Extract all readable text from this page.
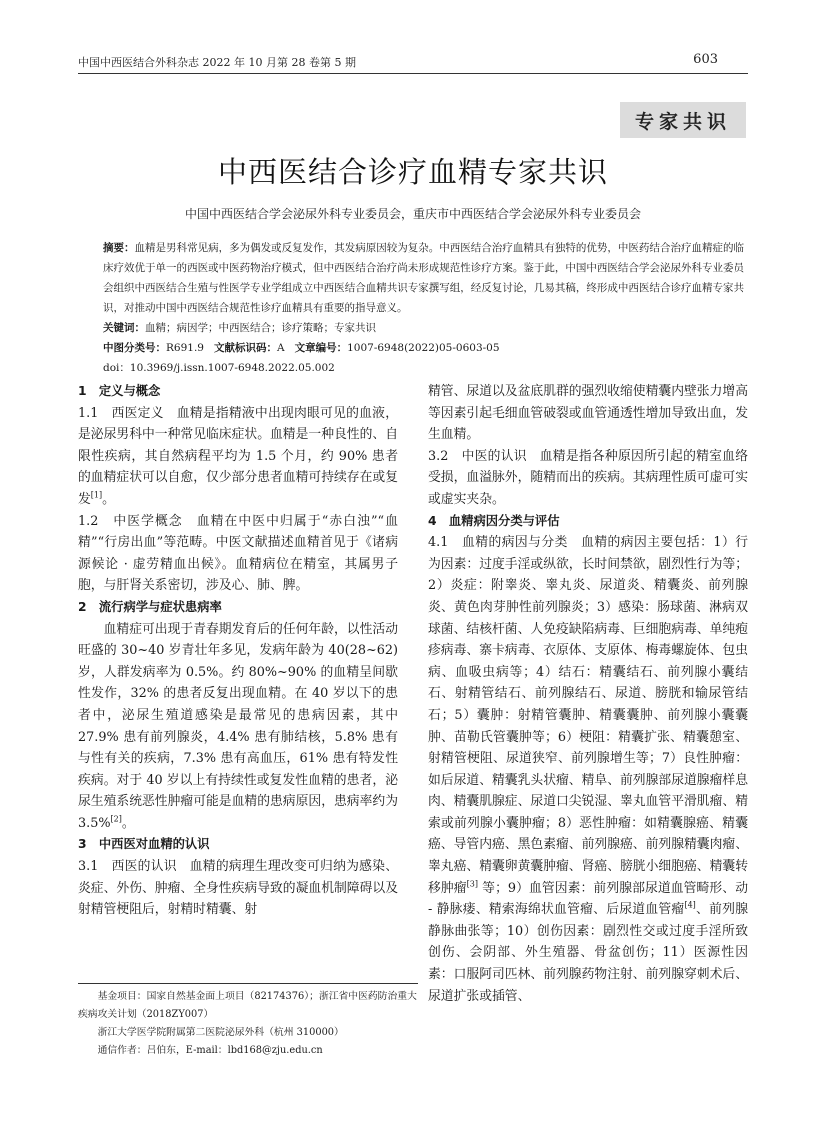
中国中西医结合外科杂志 2022 年 10 月第 28 卷第 5 期	603
专家共识
中西医结合诊疗血精专家共识
中国中西医结合学会泌尿外科专业委员会，重庆市中西医结合学会泌尿外科专业委员会

摘要：血精是男科常见病，多为偶发或反复发作，其发病原因较为复杂。中西医结合治疗血精具有独特的优势，中医药结合治疗血精症的临床疗效优于单一的西医或中医药物治疗模式，但中西医结合治疗尚未形成规范性诊疗方案。鉴于此，中国中西医结合学会泌尿外科专业委员会组织中西医结合生殖与性医学专业学组成立中西医结合血精共识专家撰写组，经反复讨论，几易其稿，终形成中西医结合诊疗血精专家共识，对推动中国中西医结合规范性诊疗血精具有重要的指导意义。

关键词：血精；病因学；中西医结合；诊疗策略；专家共识

中图分类号：R691.9 文献标识码：A 文章编号：1007-6948(2022)05-0603-05

doi：10.3969/j.issn.1007-6948.2022.05.002

1　定义与概念

1.1　西医定义　 血精是指精液中出现肉眼可见的血液，是泌尿男科中一种常见临床症状。血精是一种良性的、自限性疾病，其自然病程平均为 1.5 个月，约 90% 患者的血精症状可以自愈，仅少部分患者血精可持续存在或复发[1]。

1.2　中医学概念　 血精在中医中归属于“赤白浊”“血精”“行房出血”等范畴。中医文献描述血精首见于《诸病源候论 · 虚劳精血出候》。血精病位在精室，其属男子胞，与肝肾关系密切，涉及心、肺、脾。

2　流行病学与症状患病率

血精症可出现于青春期发育后的任何年龄，以性活动旺盛的 30~40 岁青壮年多见，发病年龄为 40(28~62) 岁，人群发病率为 0.5%。约 80%~90% 的血精呈间歇性发作，32% 的患者反复出现血精。在 40 岁以下的患者中，泌尿生殖道感染是最常见的患病因素，其中 27.9% 患有前列腺炎，4.4% 患有肺结核，5.8% 患有与性有关的疾病，7.3% 患有高血压，61% 患有特发性疾病。对于 40 岁以上有持续性或复发性血精的患者，泌尿生殖系统恶性肿瘤可能是血精的患病原因，患病率约为 3.5%[2]。

3　中西医对血精的认识

3.1　西医的认识　 血精的病理生理改变可归纳为感染、炎症、外伤、肿瘤、全身性疾病导致的凝血机制障碍以及射精管梗阻后，射精时精囊、射

精管、尿道以及盆底肌群的强烈收缩使精囊内壁张力增高等因素引起毛细血管破裂或血管通透性增加导致出血，发生血精。

3.2　中医的认识　 血精是指各种原因所引起的精室血络受损，血溢脉外，随精而出的疾病。其病理性质可虚可实或虚实夹杂。

4　血精病因分类与评估

4.1　血精的病因与分类　 血精的病因主要包括：1）行为因素：过度手淫或纵欲，长时间禁欲，剧烈性行为等；2）炎症：附睾炎、睾丸炎、尿道炎、精囊炎、前列腺炎、黄色肉芽肿性前列腺炎；3）感染：肠球菌、淋病双球菌、结核杆菌、人免疫缺陷病毒、巨细胞病毒、单纯疱疹病毒、寨卡病毒、衣原体、支原体、梅毒螺旋体、包虫病、血吸虫病等；4）结石：精囊结石、前列腺小囊结石、射精管结石、前列腺结石、尿道、膀胱和输尿管结石；5）囊肿：射精管囊肿、精囊囊肿、前列腺小囊囊肿、苗勒氏管囊肿等；6）梗阻：精囊扩张、精囊憩室、射精管梗阻、尿道狭窄、前列腺增生等；7）良性肿瘤：如后尿道、精囊乳头状瘤、精阜、前列腺部尿道腺瘤样息肉、精囊肌腺症、尿道口尖锐湿、睾丸血管平滑肌瘤、精索或前列腺小囊肿瘤；8）恶性肿瘤：如精囊腺癌、精囊癌、导管内癌、黑色素瘤、前列腺癌、前列腺精囊肉瘤、睾丸癌、精囊卵黄囊肿瘤、肾癌、膀胱小细胞癌、精囊转移肿瘤[3] 等；9）血管因素：前列腺部尿道血管畸形、动 - 静脉瘘、精索海绵状血管瘤、后尿道血管瘤[4]、前列腺静脉曲张等；10）创伤因素：剧烈性交或过度手淫所致创伤、会阴部、外生殖器、骨盆创伤；11）医源性因素：口服阿司匹林、前列腺药物注射、前列腺穿刺术后、尿道扩张或插管、

基金项目：国家自然基金面上项目（82174376）；浙江省中医药防治重大疾病攻关计划（2018ZY007）

浙江大学医学院附属第二医院泌尿外科（杭州 310000）

通信作者：吕伯东，E-mail：lbd168@zju.edu.cn
